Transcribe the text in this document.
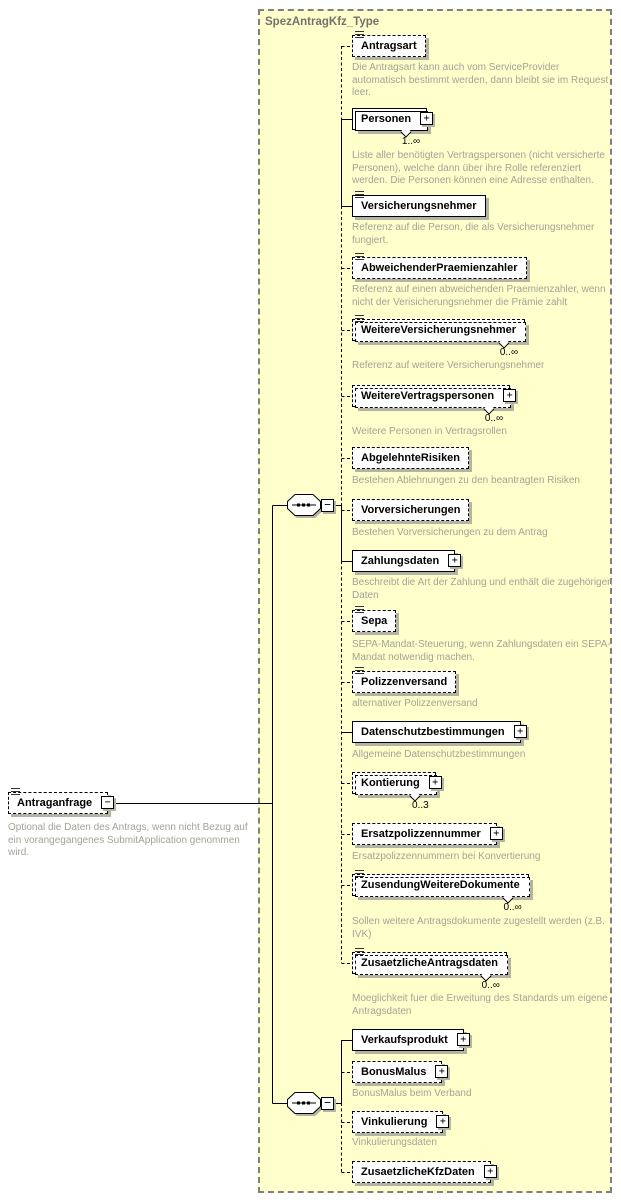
SpezAntragKfz_Type
Antraganfrage	−
Optional die Daten des Antrags, wenn nicht Bezug auf ein vorangegangenes SubmitApplication genommen wird.
Antragsart
Die Antragsart kann auch vom ServiceProvider automatisch bestimmt werden, dann bleibt sie im Request leer.
Personen	+
1..∞
Liste aller benötigten Vertragspersonen (nicht versicherte Personen), welche dann über ihre Rolle referenziert werden. Die Personen können eine Adresse enthalten.
Versicherungsnehmer
Referenz auf die Person, die als Versicherungsnehmer fungiert.
AbweichenderPraemienzahler
Referenz auf einen abweichenden Praemienzahler, wenn nicht der Verisicherungsnehmer die Prämie zahlt
WeitereVersicherungsnehmer
0..∞
Referenz auf weitere Versicherungsnehmer
WeitereVertragspersonen	+
0..∞
Weitere Personen in Vertragsrollen
AbgelehnteRisiken
Bestehen Ablehnungen zu den beantragten Risiken
Vorversicherungen
Bestehen Vorversicherungen zu dem Antrag
Zahlungsdaten	+
Beschreibt die Art der Zahlung und enthält die zugehörigen Daten
Sepa
SEPA-Mandat-Steuerung, wenn Zahlungsdaten ein SEPA-Mandat notwendig machen.
Polizzenversand
alternativer Polizzenversand
Datenschutzbestimmungen	+
Allgemeine Datenschutzbestimmungen
Kontierung	+
0..3
Ersatzpolizzennummer	+
Ersatzpolizzennummern bei Konvertierung
ZusendungWeitereDokumente
0..∞
Sollen weitere Antragsdokumente zugestellt werden (z.B. IVK)
ZusaetzlicheAntragsdaten
0..∞
Moeglichkeit fuer die Erweitung des Standards um eigene Antragsdaten
Verkaufsprodukt	+
BonusMalus	+
BonusMalus beim Verband
Vinkulierung	+
Vinkulierungsdaten
ZusaetzlicheKfzDaten	+
−
−
